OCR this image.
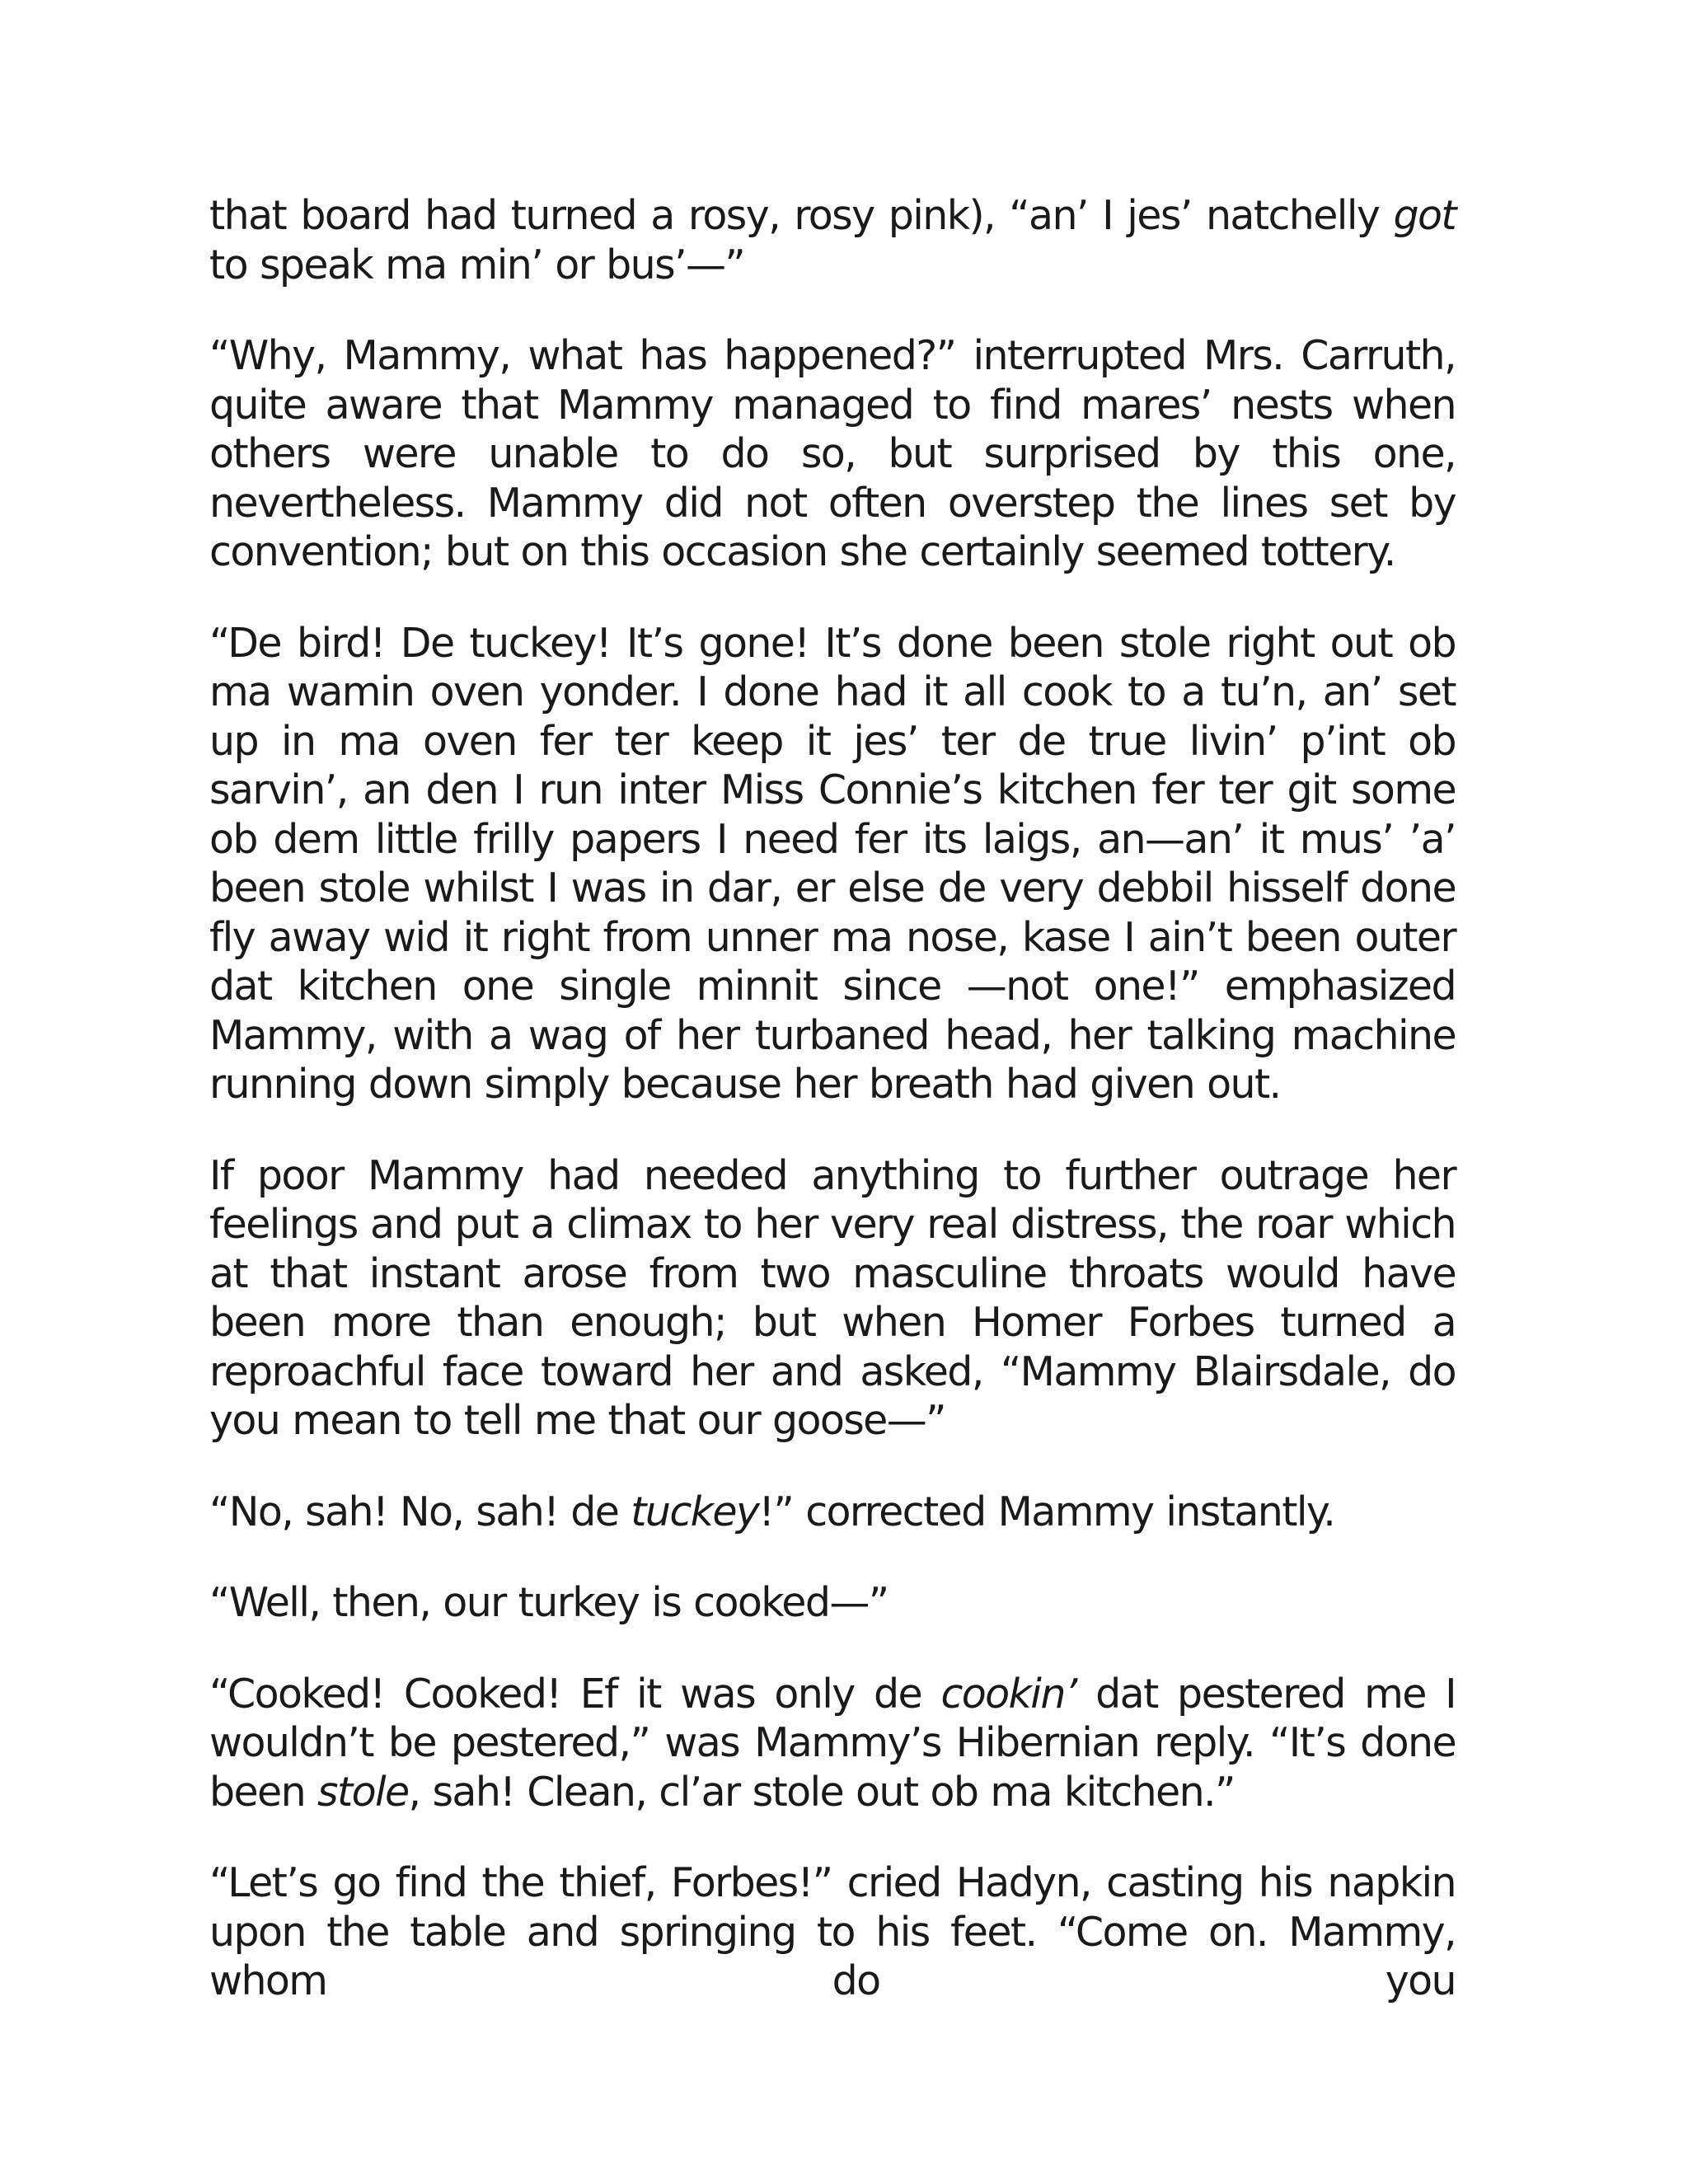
that board had turned a rosy, rosy pink), “an’ I jes’ natchelly got to speak ma min’ or bus’—”

“Why, Mammy, what has happened?” interrupted Mrs. Carruth, quite aware that Mammy managed to find mares’ nests when others were unable to do so, but surprised by this one, nevertheless. Mammy did not often overstep the lines set by convention; but on this occasion she certainly seemed tottery.

“De bird! De tuckey! It’s gone! It’s done been stole right out ob ma wamin oven yonder. I done had it all cook to a tu’n, an’ set up in ma oven fer ter keep it jes’ ter de true livin’ p’int ob sarvin’, an den I run inter Miss Connie’s kitchen fer ter git some ob dem little frilly papers I need fer its laigs, an—an’ it mus’ ’a’ been stole whilst I was in dar, er else de very debbil hisself done fly away wid it right from unner ma nose, kase I ain’t been outer dat kitchen one single minnit since —not one!” emphasized Mammy, with a wag of her turbaned head, her talking machine running down simply because her breath had given out.

If poor Mammy had needed anything to further outrage her feelings and put a climax to her very real distress, the roar which at that instant arose from two masculine throats would have been more than enough; but when Homer Forbes turned a reproachful face toward her and asked, “Mammy Blairsdale, do you mean to tell me that our goose—”

“No, sah! No, sah! de tuckey!” corrected Mammy instantly.

“Well, then, our turkey is cooked—”

“Cooked! Cooked! Ef it was only de cookin’ dat pestered me I wouldn’t be pestered,” was Mammy’s Hibernian reply. “It’s done been stole, sah! Clean, cl’ar stole out ob ma kitchen.”

“Let’s go find the thief, Forbes!” cried Hadyn, casting his napkin upon the table and springing to his feet. “Come on. Mammy, whom do you
